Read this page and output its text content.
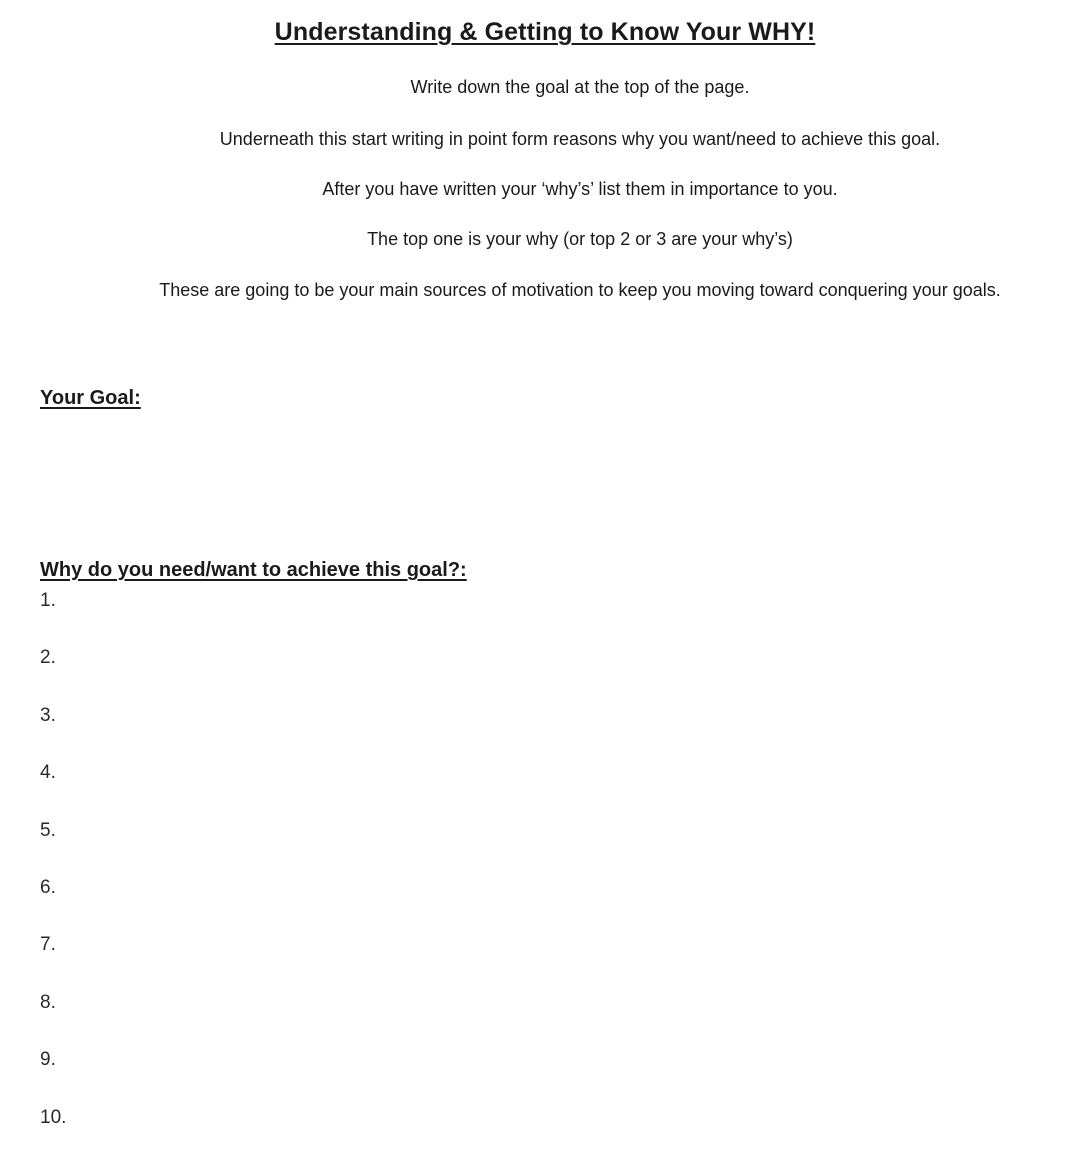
Understanding & Getting to Know Your WHY!

Write down the goal at the top of the page.

Underneath this start writing in point form reasons why you want/need to achieve this goal.

After you have written your ‘why’s’ list them in importance to you.

The top one is your why (or top 2 or 3 are your why’s)

These are going to be your main sources of motivation to keep you moving toward conquering your goals.

Your Goal:
Why do you need/want to achieve this goal?:
1.
2.
3.
4.
5.
6.
7.
8.
9.
10.
